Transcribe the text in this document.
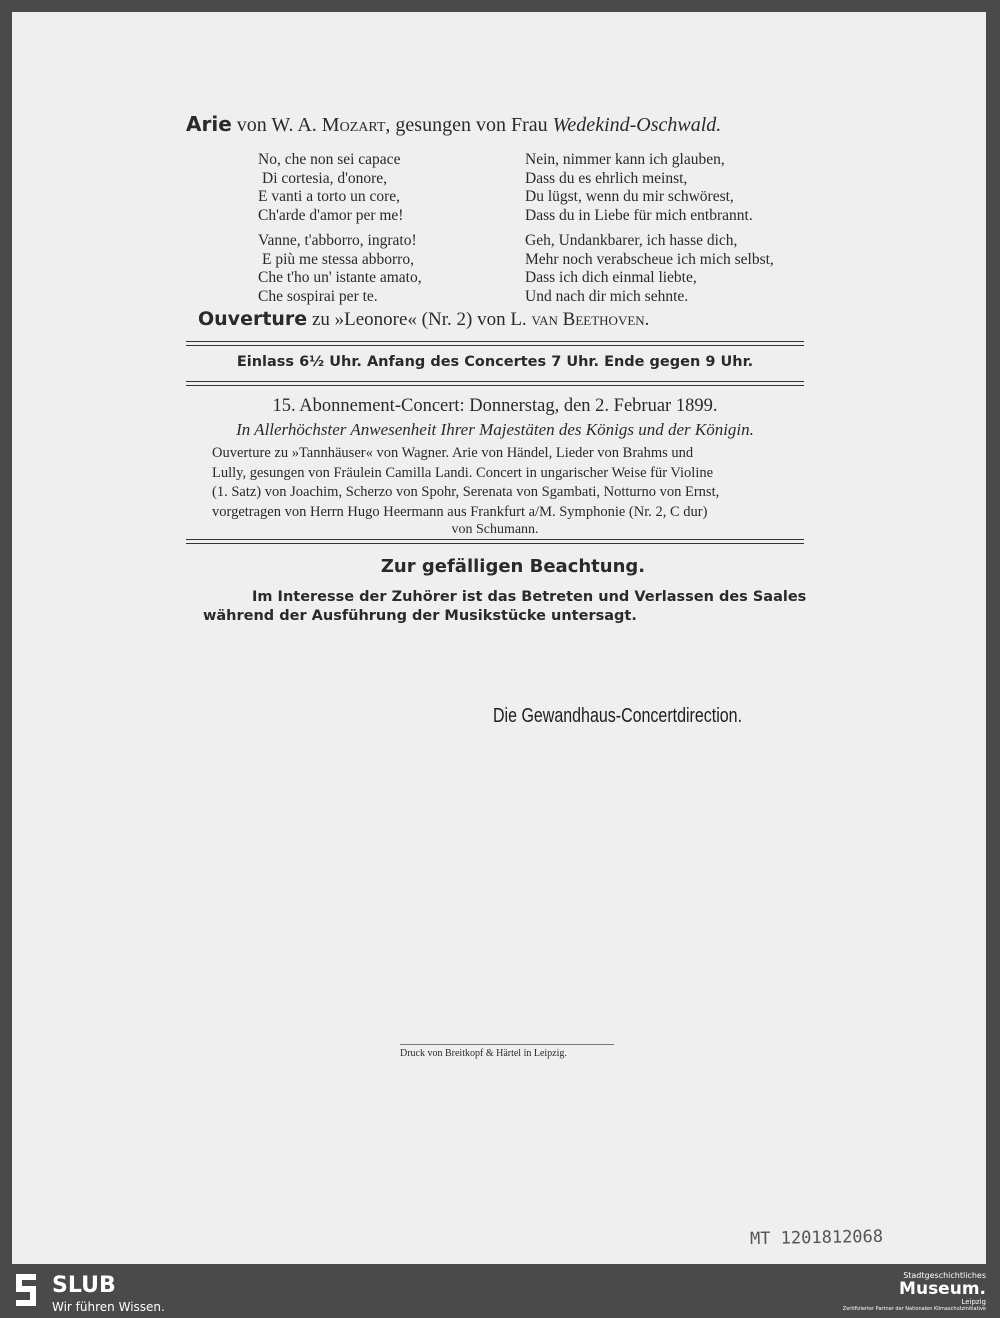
Arie von W. A. Mozart, gesungen von Frau Wedekind-Oschwald.
No, che non sei capace
Di cortesia, d'onore,
E vanti a torto un core,
Ch'arde d'amor per me!
Nein, nimmer kann ich glauben,
Dass du es ehrlich meinst,
Du lügst, wenn du mir schwörest,
Dass du in Liebe für mich entbrannt.
Vanne, t'abborro, ingrato!
E più me stessa abborro,
Che t'ho un' istante amato,
Che sospirai per te.
Geh, Undankbarer, ich hasse dich,
Mehr noch verabscheue ich mich selbst,
Dass ich dich einmal liebte,
Und nach dir mich sehnte.
Ouverture zu »Leonore« (Nr. 2) von L. van Beethoven.
Einlass 6½ Uhr. Anfang des Concertes 7 Uhr. Ende gegen 9 Uhr.
15. Abonnement-Concert: Donnerstag, den 2. Februar 1899.
In Allerhöchster Anwesenheit Ihrer Majestäten des Königs und der Königin.
Ouverture zu »Tannhäuser« von Wagner. Arie von Händel, Lieder von Brahms und
Lully, gesungen von Fräulein Camilla Landi. Concert in ungarischer Weise für Violine
(1. Satz) von Joachim, Scherzo von Spohr, Serenata von Sgambati, Notturno von Ernst,
vorgetragen von Herrn Hugo Heermann aus Frankfurt a/M. Symphonie (Nr. 2, C dur)
von Schumann.
Zur gefälligen Beachtung.
Im Interesse der Zuhörer ist das Betreten und Verlassen des Saales
während der Ausführung der Musikstücke untersagt.
Die Gewandhaus-Concertdirection.
Druck von Breitkopf & Härtel in Leipzig.
MT 1201812068
SLUB
Wir führen Wissen.
Stadtgeschichtliches
Museum.
Leipzig
Zertifizierter Partner der Nationalen Klimaschutzinitiative
